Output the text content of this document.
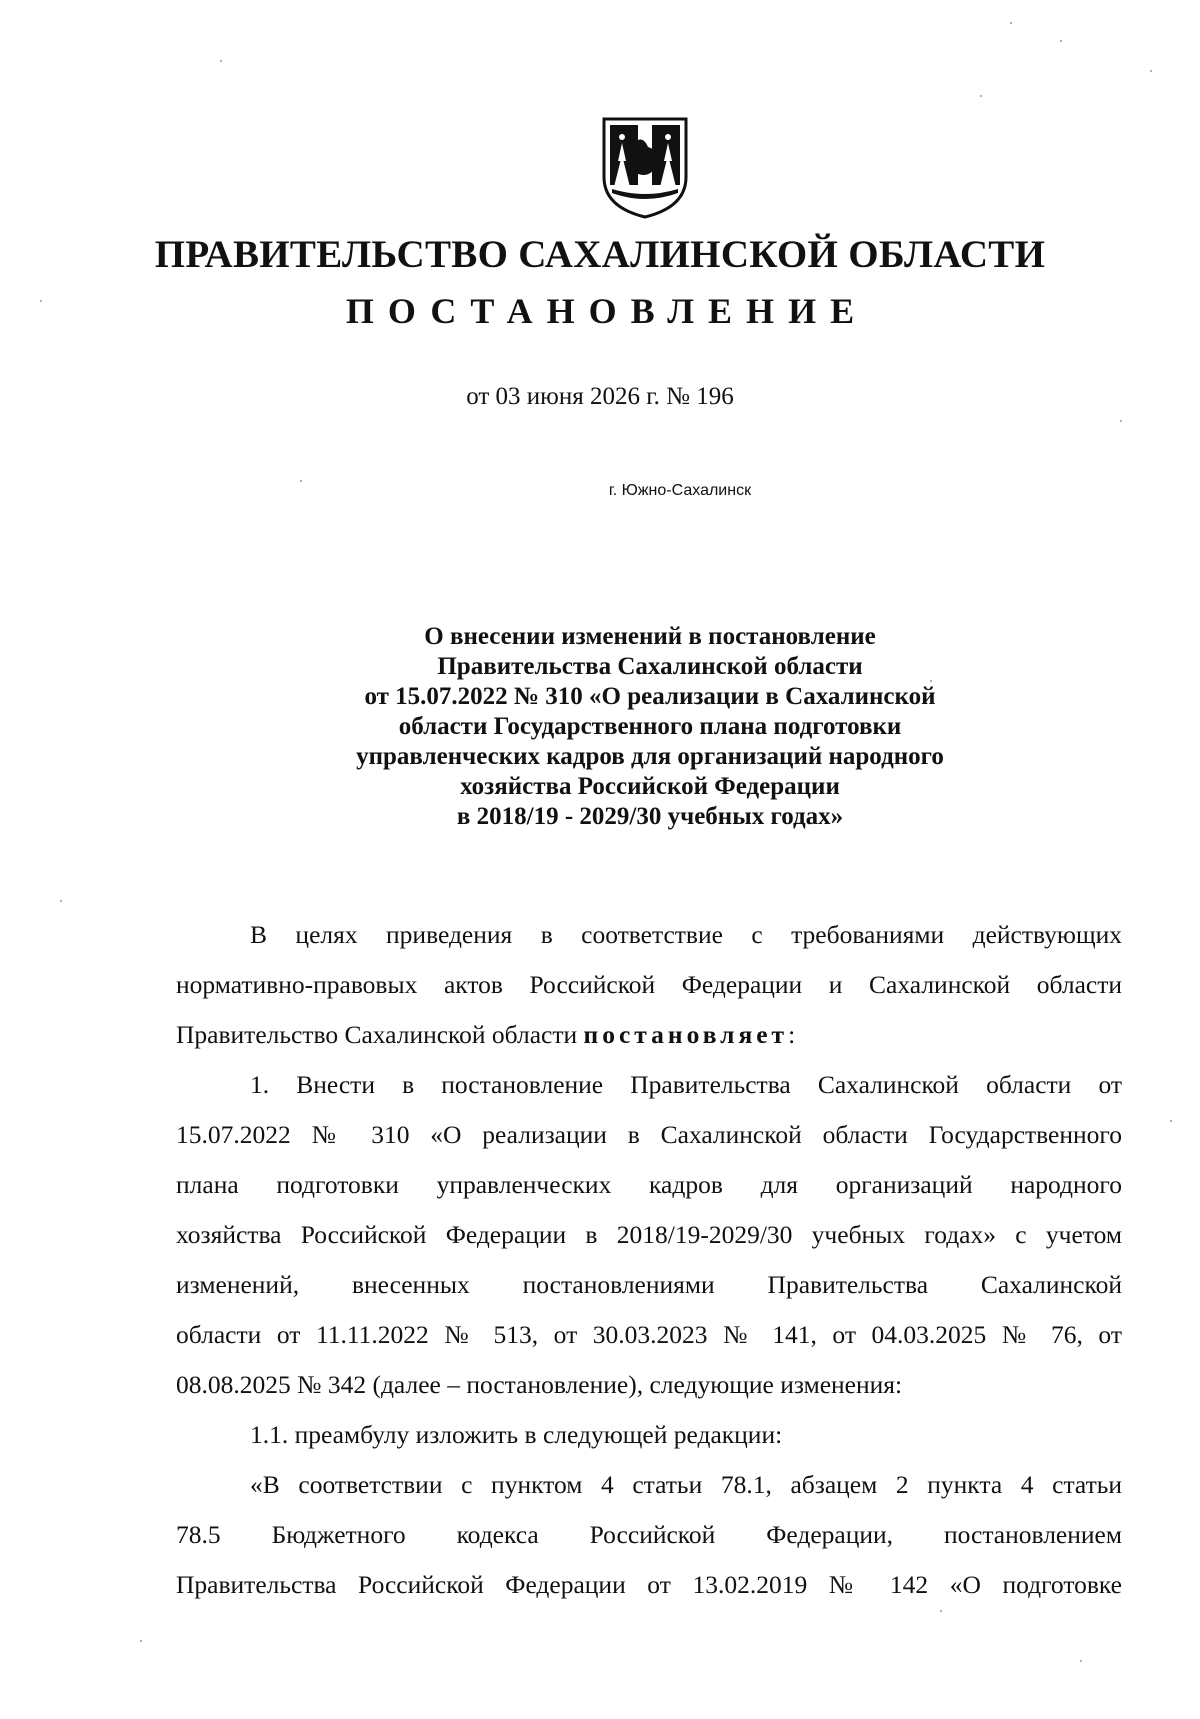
ПРАВИТЕЛЬСТВО САХАЛИНСКОЙ ОБЛАСТИ
ПОСТАНОВЛЕНИЕ

от 03 июня 2026 г. № 196

г. Южно-Сахалинск

О внесении изменений в постановление
Правительства Сахалинской области
от 15.07.2022 № 310 «О реализации в Сахалинской
области Государственного плана подготовки
управленческих кадров для организаций народного
хозяйства Российской Федерации
в 2018/19 - 2029/30 учебных годах»
В целях приведения в соответствие с требованиями действующих
нормативно-правовых актов Российской Федерации и Сахалинской области
Правительство Сахалинской области постановляет:
1. Внести в постановление Правительства Сахалинской области от
15.07.2022 № 310 «О реализации в Сахалинской области Государственного
плана подготовки управленческих кадров для организаций народного
хозяйства Российской Федерации в 2018/19-2029/30 учебных годах» с учетом
изменений, внесенных постановлениями Правительства Сахалинской
области от 11.11.2022 № 513, от 30.03.2023 № 141, от 04.03.2025 № 76, от
08.08.2025 № 342 (далее – постановление), следующие изменения:
1.1. преамбулу изложить в следующей редакции:
«В соответствии с пунктом 4 статьи 78.1, абзацем 2 пункта 4 статьи
78.5 Бюджетного кодекса Российской Федерации, постановлением
Правительства Российской Федерации от 13.02.2019 № 142 «О подготовке
